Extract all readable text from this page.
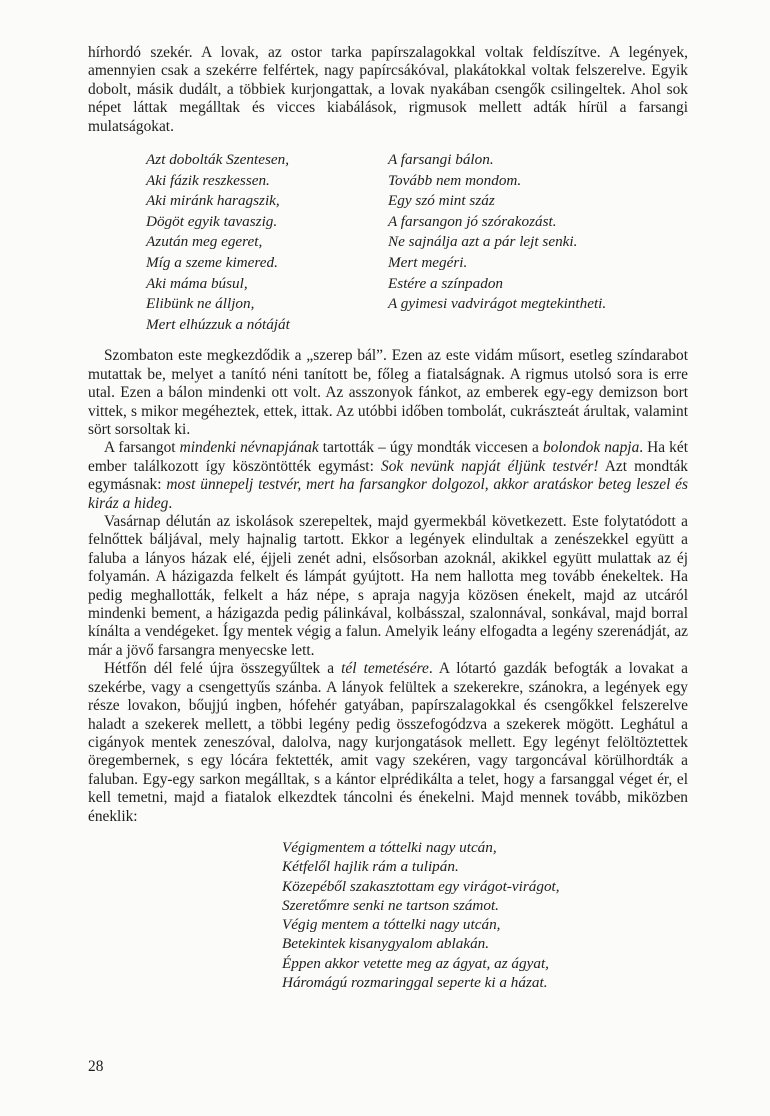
hírhordó szekér. A lovak, az ostor tarka papírszalagokkal voltak feldíszítve. A legények, amennyien csak a szekérre felfértek, nagy papírcsákóval, plakátokkal voltak felszerelve. Egyik dobolt, másik dudált, a többiek kurjongattak, a lovak nyakában csengők csilingeltek. Ahol sok népet láttak megálltak és vicces kiabálások, rigmusok mellett adták hírül a farsangi mulatságokat.

Azt dobolták Szentesen,
Aki fázik reszkessen.
Aki miránk haragszik,
Dögöt egyik tavaszig.
Azután meg egeret,
Míg a szeme kimered.
Aki máma búsul,
Elibünk ne álljon,
Mert elhúzzuk a nótáját
A farsangi bálon.
Tovább nem mondom.
Egy szó mint száz
A farsangon jó szórakozást.
Ne sajnálja azt a pár lejt senki.
Mert megéri.
Estére a színpadon
A gyimesi vadvirágot megtekintheti.

Szombaton este megkezdődik a „szerep bál”. Ezen az este vidám műsort, esetleg színdarabot mutattak be, melyet a tanító néni tanított be, főleg a fiatalságnak. A rigmus utolsó sora is erre utal. Ezen a bálon mindenki ott volt. Az asszonyok fánkot, az emberek egy-egy demizson bort vittek, s mikor megéheztek, ettek, ittak. Az utóbbi időben tombolát, cukrászteát árultak, valamint sört sorsoltak ki.

A farsangot mindenki névnapjának tartották – úgy mondták viccesen a bolondok napja. Ha két ember találkozott így köszöntötték egymást: Sok nevünk napját éljünk testvér! Azt mondták egymásnak: most ünnepelj testvér, mert ha farsangkor dolgozol, akkor aratáskor beteg leszel és kiráz a hideg.

Vasárnap délután az iskolások szerepeltek, majd gyermekbál következett. Este folytatódott a felnőttek báljával, mely hajnalig tartott. Ekkor a legények elindultak a zenészekkel együtt a faluba a lányos házak elé, éjjeli zenét adni, elsősorban azoknál, akikkel együtt mulattak az éj folyamán. A házigazda felkelt és lámpát gyújtott. Ha nem hallotta meg tovább énekeltek. Ha pedig meghallották, felkelt a ház népe, s apraja nagyja közösen énekelt, majd az utcáról mindenki bement, a házigazda pedig pálinkával, kolbásszal, szalonnával, sonkával, majd borral kínálta a vendégeket. Így mentek végig a falun. Amelyik leány elfogadta a legény szerenádját, az már a jövő farsangra menyecske lett.

Hétfőn dél felé újra összegyűltek a tél temetésére. A lótartó gazdák befogták a lovakat a szekérbe, vagy a csengettyűs szánba. A lányok felültek a szekerekre, szánokra, a legények egy része lovakon, bőujjú ingben, hófehér gatyában, papírszalagokkal és csengőkkel felszerelve haladt a szekerek mellett, a többi legény pedig összefogódzva a szekerek mögött. Leghátul a cigányok mentek zeneszóval, dalolva, nagy kurjongatások mellett. Egy legényt felöltöztettek öregembernek, s egy lócára fektették, amit vagy szekéren, vagy targoncával körülhordták a faluban. Egy-egy sarkon megálltak, s a kántor elprédikálta a telet, hogy a farsanggal véget ér, el kell temetni, majd a fiatalok elkezdtek táncolni és énekelni. Majd mennek tovább, miközben éneklik:

Végigmentem a tóttelki nagy utcán,
Kétfelől hajlik rám a tulipán.
Közepéből szakasztottam egy virágot-virágot,
Szeretőmre senki ne tartson számot.
Végig mentem a tóttelki nagy utcán,
Betekintek kisanygyalom ablakán.
Éppen akkor vetette meg az ágyat, az ágyat,
Háromágú rozmaringgal seperte ki a házat.
28
